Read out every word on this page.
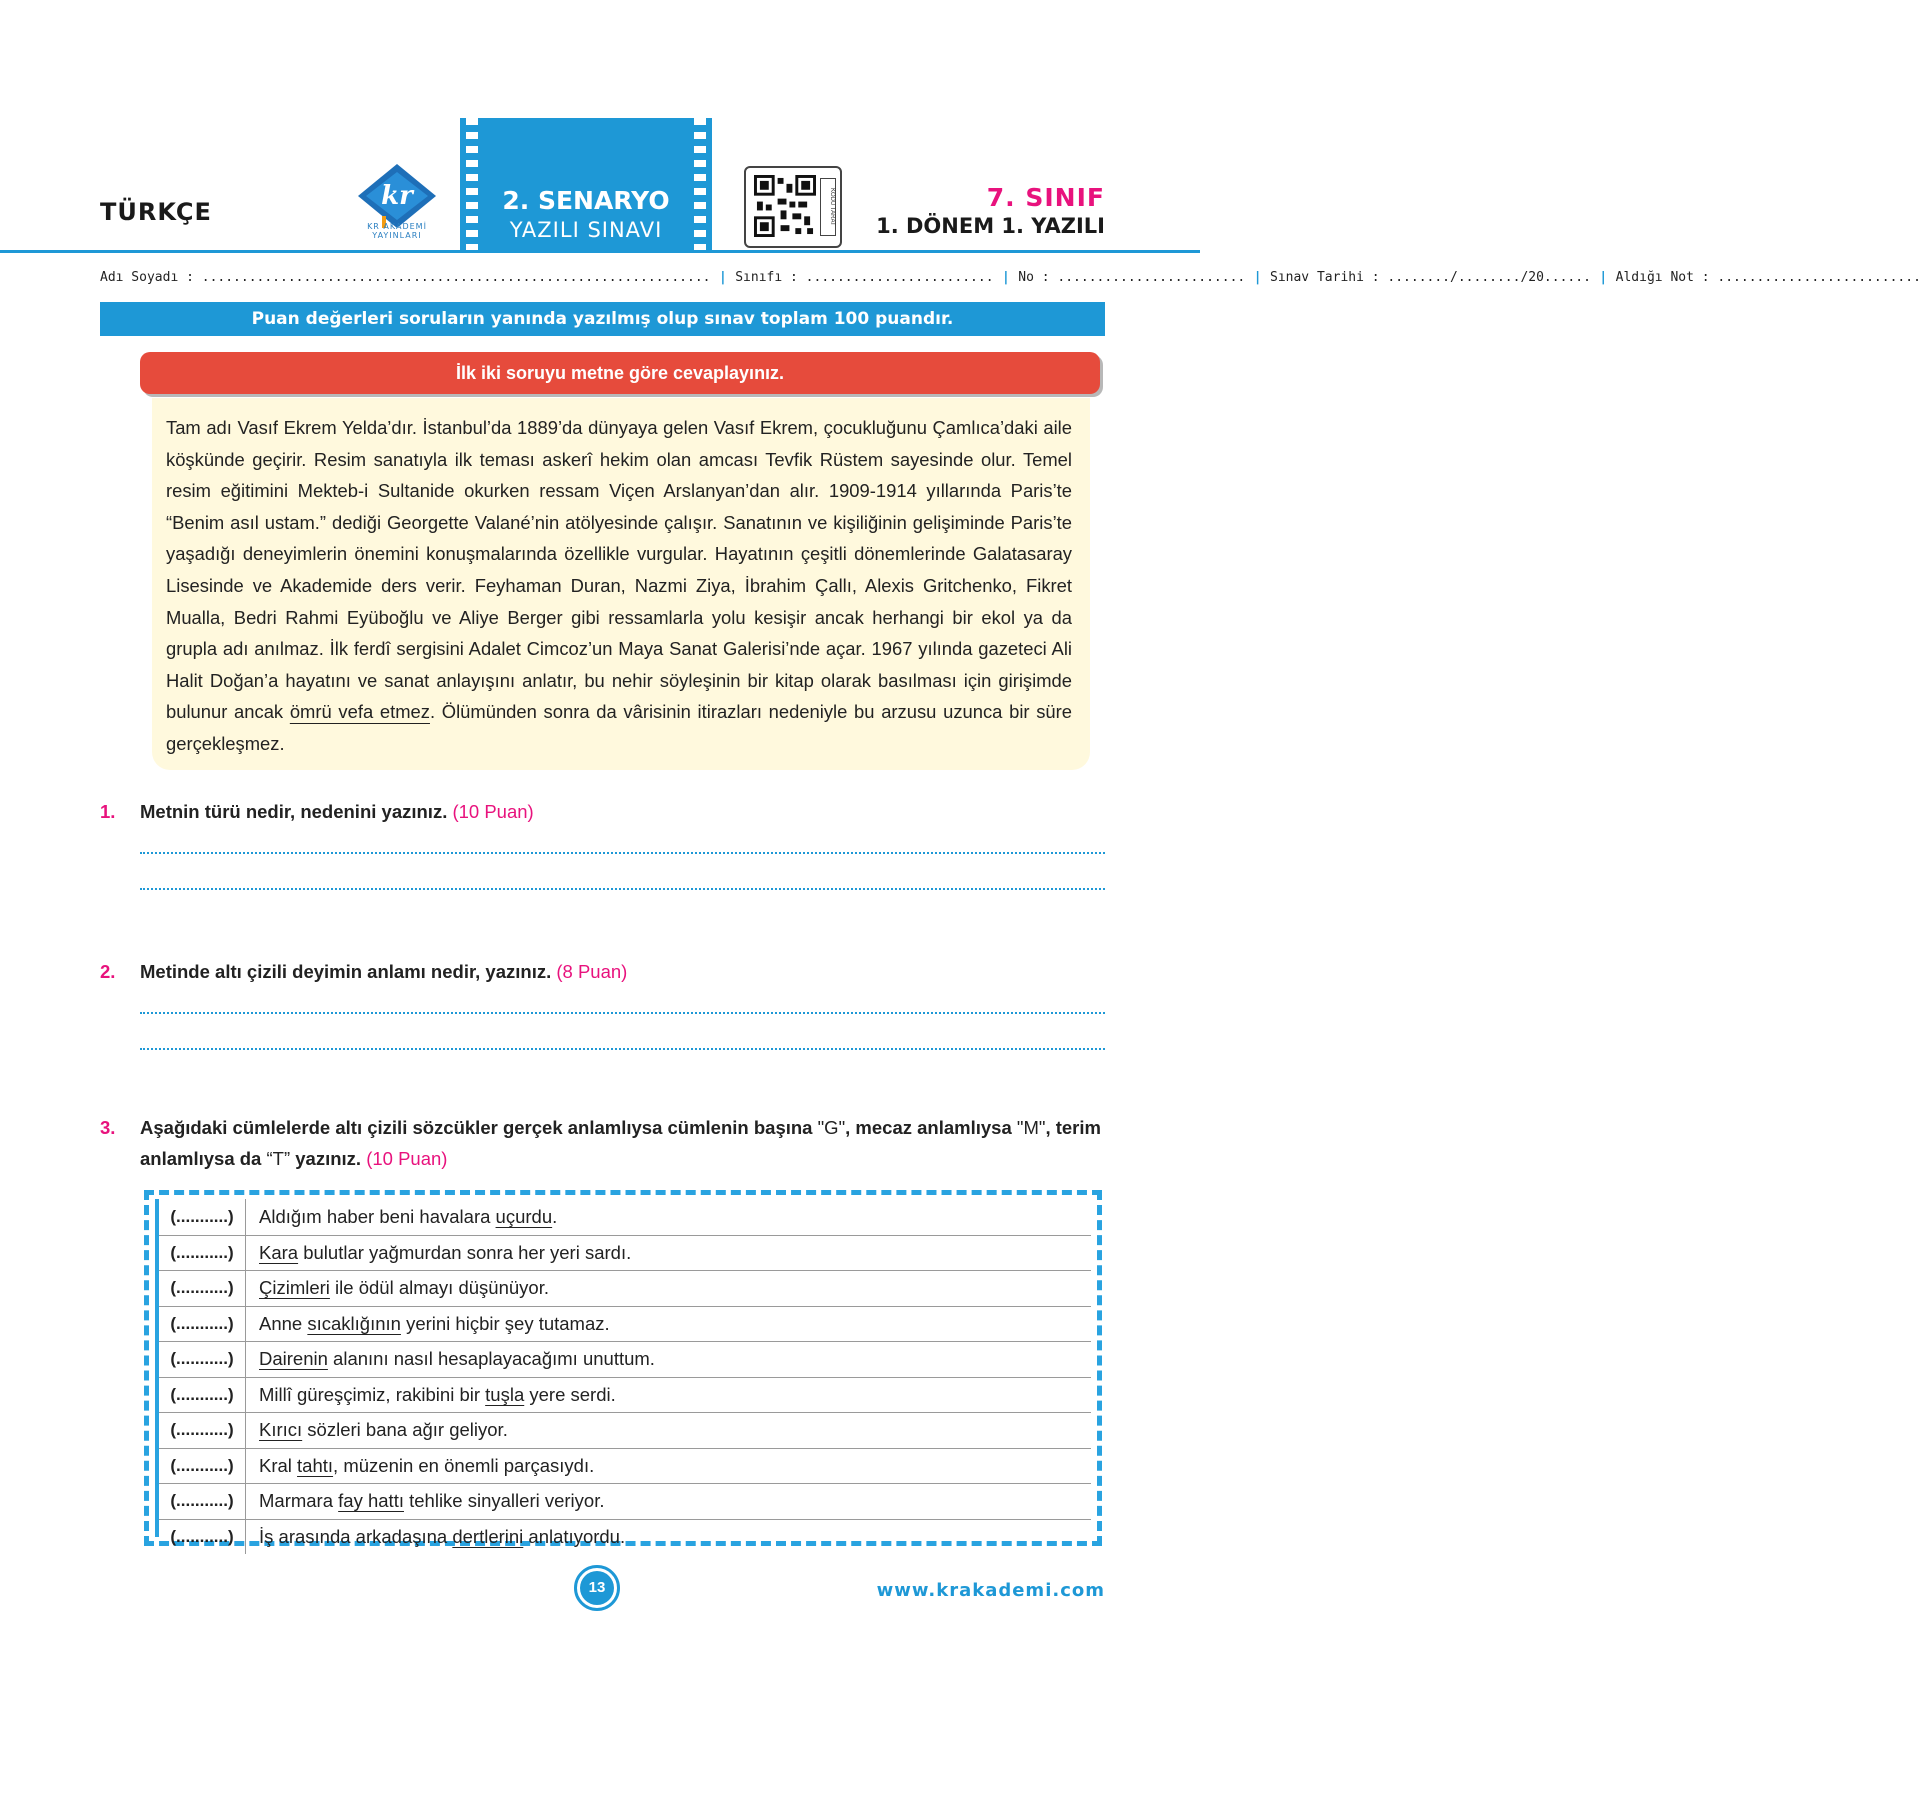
TÜRKÇE
kr
KR AKADEMİ YAYINLARI
2. SENARYO
YAZILI SINAVI
KODU TARAT	7. SINIF
1. DÖNEM 1. YAZILI
Adı Soyadı : ................................................................. | Sınıfı : ........................ | No : ........................ | Sınav Tarihi : ......../......../20...... | Aldığı Not : ..........................
Puan değerleri soruların yanında yazılmış olup sınav toplam 100 puandır.
İlk iki soruyu metne göre cevaplayınız.

Tam adı Vasıf Ekrem Yelda’dır. İstanbul’da 1889’da dünyaya gelen Vasıf Ekrem, çocukluğunu Çamlıca’daki aile köşkünde geçirir. Resim sanatıyla ilk teması askerî hekim olan amcası Tevfik Rüstem sayesinde olur. Temel resim eğitimini Mekteb-i Sultanide okurken ressam Viçen Arslanyan’dan alır. 1909-1914 yıllarında Paris’te “Benim asıl ustam.” dediği Georgette Valané’nin atölyesinde çalışır. Sanatının ve kişiliğinin gelişiminde Paris’te yaşadığı deneyimlerin önemini konuşmalarında özellikle vurgular. Hayatının çeşitli dönemlerinde Galatasaray Lisesinde ve Akademide ders verir. Feyhaman Duran, Nazmi Ziya, İbrahim Çallı, Alexis Gritchenko, Fikret Mualla, Bedri Rahmi Eyüboğlu ve Aliye Berger gibi ressamlarla yolu kesişir ancak herhangi bir ekol ya da grupla adı anılmaz. İlk ferdî sergisini Adalet Cimcoz’un Maya Sanat Galerisi’nde açar. 1967 yılında gazeteci Ali Halit Doğan’a hayatını ve sanat anlayışını anlatır, bu nehir söyleşinin bir kitap olarak basılması için girişimde bulunur ancak ömrü vefa etmez. Ölümünden sonra da vârisinin itirazları nedeniyle bu arzusu uzunca bir süre gerçekleşmez.

1. Metnin türü nedir, nedenini yazınız. (10 Puan)
2. Metinde altı çizili deyimin anlamı nedir, yazınız. (8 Puan)
3. Aşağıdaki cümlelerde altı çizili sözcükler gerçek anlamlıysa cümlenin başına "G", mecaz anlamlıysa "M", terim anlamlıysa da “T” yazınız. (10 Puan)
(...........)	Aldığım haber beni havalara uçurdu.
(...........)	Kara bulutlar yağmurdan sonra her yeri sardı.
(...........)	Çizimleri ile ödül almayı düşünüyor.
(...........)	Anne sıcaklığının yerini hiçbir şey tutamaz.
(...........)	Dairenin alanını nasıl hesaplayacağımı unuttum.
(...........)	Millî güreşçimiz, rakibini bir tuşla yere serdi.
(...........)	Kırıcı sözleri bana ağır geliyor.
(...........)	Kral tahtı, müzenin en önemli parçasıydı.
(...........)	Marmara fay hattı tehlike sinyalleri veriyor.
(...........)	İş arasında arkadaşına dertlerini anlatıyordu.
13	www.krakademi.com
